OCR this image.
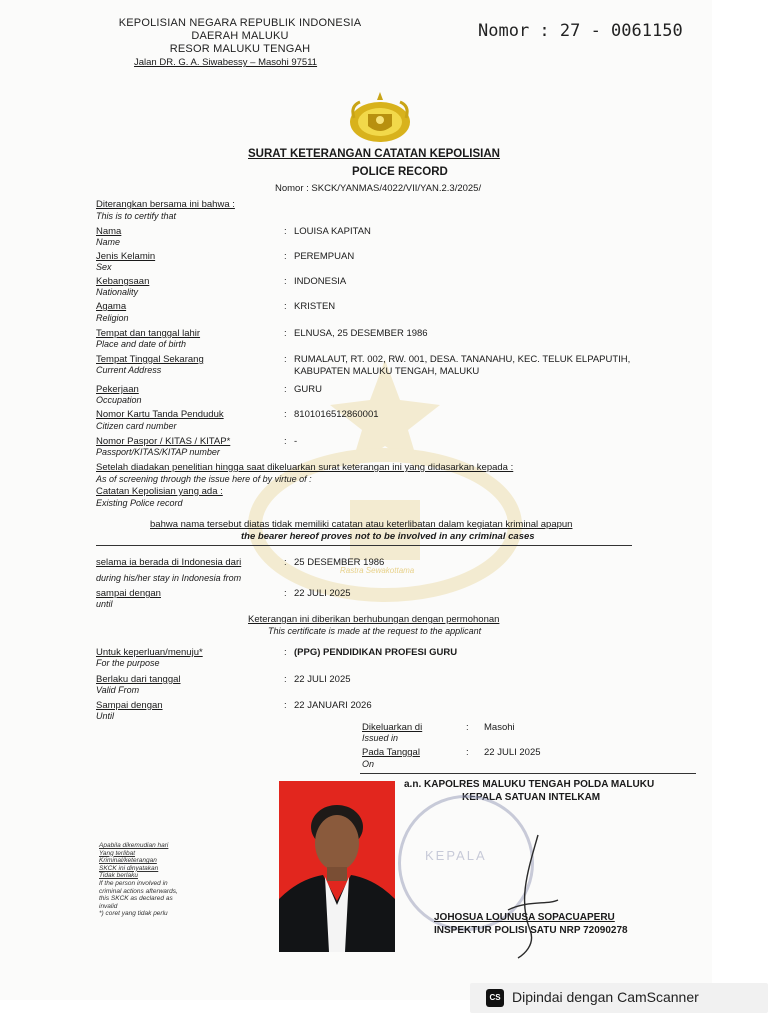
KEPOLISIAN NEGARA REPUBLIK INDONESIA
DAERAH MALUKU
RESOR MALUKU TENGAH
Jalan DR. G. A. Siwabessy – Masohi 97511
Nomor : 27 - 0061150
SURAT KETERANGAN CATATAN KEPOLISIAN
POLICE RECORD
Nomor : SKCK/YANMAS/4022/VII/YAN.2.3/2025/
Rastra Sewakottama
Diterangkan bersama ini bahwa :
This is to certify that
Nama
Name
: LOUISA KAPITAN
Jenis Kelamin
Sex
: PEREMPUAN
Kebangsaan
Nationality
: INDONESIA
Agama
Religion
: KRISTEN
Tempat dan tanggal lahir
Place and date of birth
: ELNUSA, 25 DESEMBER 1986
Tempat Tinggal Sekarang
Current Address
: RUMALAUT, RT. 002, RW. 001, DESA. TANANAHU, KEC. TELUK ELPAPUTIH,
KABUPATEN MALUKU TENGAH, MALUKU
Pekerjaan
Occupation
: GURU
Nomor Kartu Tanda Penduduk
Citizen card number
: 8101016512860001
Nomor Paspor / KITAS / KITAP*
Passport/KITAS/KITAP number
: -
Setelah diadakan penelitian hingga saat dikeluarkan surat keterangan ini yang didasarkan kepada :
As of screening through the issue here of by virtue of :
Catatan Kepolisian yang ada :
Existing Police record
bahwa nama tersebut diatas tidak memiliki catatan atau keterlibatan dalam kegiatan kriminal apapun
the bearer hereof proves not to be involved in any criminal cases
selama ia berada di Indonesia dari
during his/her stay in Indonesia from
: 25 DESEMBER 1986
sampai dengan
until
: 22 JULI 2025
Keterangan ini diberikan berhubungan dengan permohonan
This certificate is made at the request to the applicant
Untuk keperluan/menuju*
For the purpose
: (PPG) PENDIDIKAN PROFESI GURU
Berlaku dari tanggal
Valid From
: 22 JULI 2025
Sampai dengan
Until
: 22 JANUARI 2026
Dikeluarkan di
Issued in
: Masohi
Pada Tanggal
On
: 22 JULI 2025
a.n. KAPOLRES MALUKU TENGAH POLDA MALUKU
KEPALA SATUAN INTELKAM
KEPALA
JOHOSUA LOUNUSA SOPACUAPERU
INSPEKTUR POLISI SATU NRP 72090278
Apabila dikemudian hari
Yang terlibat
Kriminal/keterangan
SKCK ini dinyatakan
Tidak berlaku
If the person involved in
criminal actions afterwards,
this SKCK as declared as
invalid
*) coret yang tidak perlu
CS Dipindai dengan CamScanner
